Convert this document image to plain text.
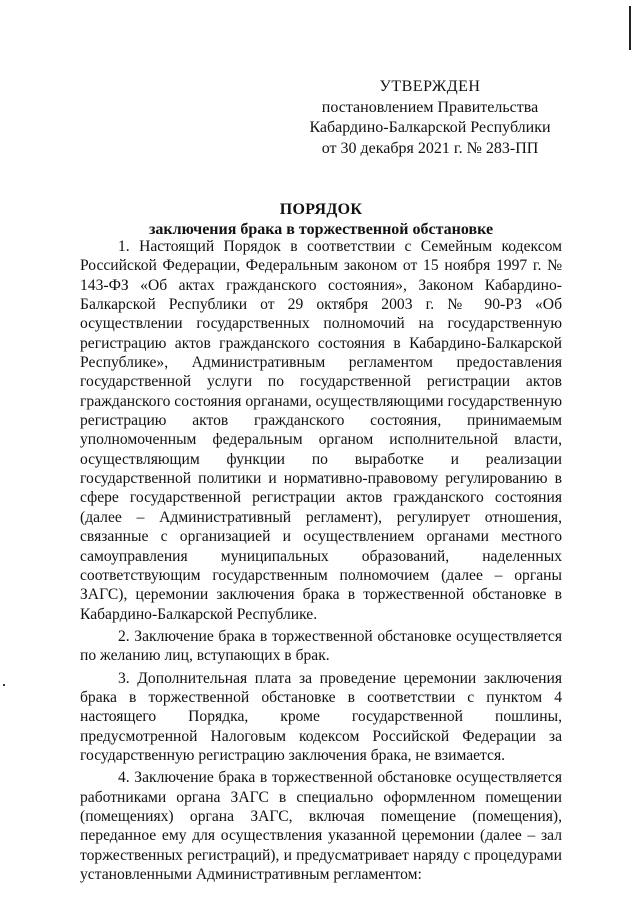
УТВЕРЖДЕН
постановлением Правительства
Кабардино-Балкарской Республики
от 30 декабря 2021 г. № 283-ПП
ПОРЯДОК
заключения брака в торжественной обстановке

1. Настоящий Порядок в соответствии с Семейным кодексом Российской Федерации, Федеральным законом от 15 ноября 1997 г. № 143-ФЗ «Об актах гражданского состояния», Законом Кабардино-Балкарской Республики от 29 октября 2003 г. № 90-РЗ «Об осуществлении государственных полномочий на государственную регистрацию актов гражданского состояния в Кабардино-Балкарской Республике», Административным регламентом предоставления государственной услуги по государственной регистрации актов гражданского состояния органами, осуществляющими государственную регистрацию актов гражданского состояния, принимаемым уполномоченным федеральным органом исполнительной власти, осуществляющим функции по выработке и реализации государственной политики и нормативно-правовому регулированию в сфере государственной регистрации актов гражданского состояния (далее – Административный регламент), регулирует отношения, связанные с организацией и осуществлением органами местного самоуправления муниципальных образований, наделенных соответствующим государственным полномочием (далее – органы ЗАГС), церемонии заключения брака в торжественной обстановке в Кабардино-Балкарской Республике.

2. Заключение брака в торжественной обстановке осуществляется по желанию лиц, вступающих в брак.

3. Дополнительная плата за проведение церемонии заключения брака в торжественной обстановке в соответствии с пунктом 4 настоящего Порядка, кроме государственной пошлины, предусмотренной Налоговым кодексом Российской Федерации за государственную регистрацию заключения брака, не взимается.

4. Заключение брака в торжественной обстановке осуществляется работниками органа ЗАГС в специально оформленном помещении (помещениях) органа ЗАГС, включая помещение (помещения), переданное ему для осуществления указанной церемонии (далее – зал торжественных регистраций), и предусматривает наряду с процедурами установленными Административным регламентом:
